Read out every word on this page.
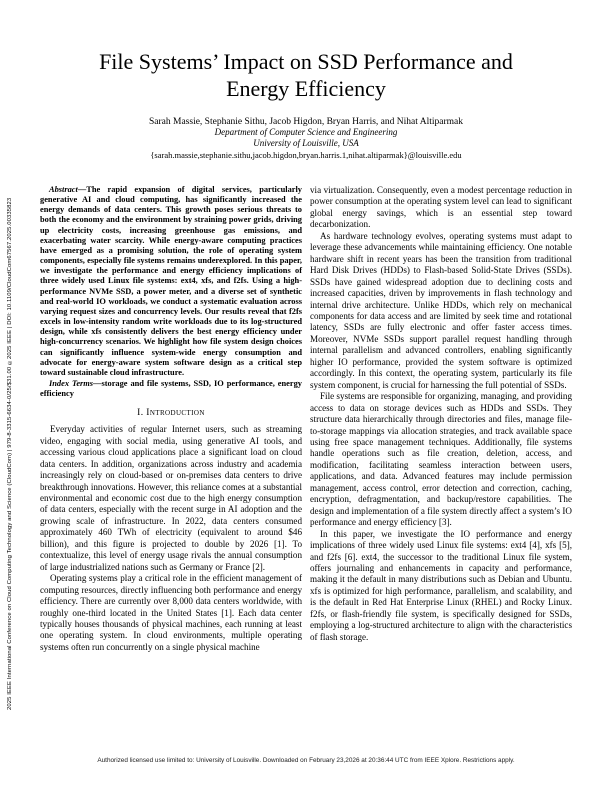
2025 IEEE International Conference on Cloud Computing Technology and Science (CloudCom) | 979-8-3315-6634-0/25/$31.00 ©2025 IEEE | DOI: 10.1109/CloudCom67567.2025.00335823
File Systems’ Impact on SSD Performance and Energy Efficiency
Sarah Massie, Stephanie Sithu, Jacob Higdon, Bryan Harris, and Nihat Altiparmak
Department of Computer Science and Engineering
University of Louisville, USA
{sarah.massie,stephanie.sithu,jacob.higdon,bryan.harris.1,nihat.altiparmak}@louisville.edu

Abstract—The rapid expansion of digital services, particularly generative AI and cloud computing, has significantly increased the energy demands of data centers. This growth poses serious threats to both the economy and the environment by straining power grids, driving up electricity costs, increasing greenhouse gas emissions, and exacerbating water scarcity. While energy-aware computing practices have emerged as a promising solution, the role of operating system components, especially file systems remains underexplored. In this paper, we investigate the performance and energy efficiency implications of three widely used Linux file systems: ext4, xfs, and f2fs. Using a high-performance NVMe SSD, a power meter, and a diverse set of synthetic and real-world IO workloads, we conduct a systematic evaluation across varying request sizes and concurrency levels. Our results reveal that f2fs excels in low-intensity random write workloads due to its log-structured design, while xfs consistently delivers the best energy efficiency under high-concurrency scenarios. We highlight how file system design choices can significantly influence system-wide energy consumption and advocate for energy-aware system software design as a critical step toward sustainable cloud infrastructure.

Index Terms—storage and file systems, SSD, IO performance, energy efficiency

I. Introduction

Everyday activities of regular Internet users, such as streaming video, engaging with social media, using generative AI tools, and accessing various cloud applications place a significant load on cloud data centers. In addition, organizations across industry and academia increasingly rely on cloud-based or on-premises data centers to drive breakthrough innovations. However, this reliance comes at a substantial environmental and economic cost due to the high energy consumption of data centers, especially with the recent surge in AI adoption and the growing scale of infrastructure. In 2022, data centers consumed approximately 460 TWh of electricity (equivalent to around $46 billion), and this figure is projected to double by 2026 [1]. To contextualize, this level of energy usage rivals the annual consumption of large industrialized nations such as Germany or France [2].

Operating systems play a critical role in the efficient management of computing resources, directly influencing both performance and energy efficiency. There are currently over 8,000 data centers worldwide, with roughly one-third located in the United States [1]. Each data center typically houses thousands of physical machines, each running at least one operating system. In cloud environments, multiple operating systems often run concurrently on a single physical machine

via virtualization. Consequently, even a modest percentage reduction in power consumption at the operating system level can lead to significant global energy savings, which is an essential step toward decarbonization.

As hardware technology evolves, operating systems must adapt to leverage these advancements while maintaining efficiency. One notable hardware shift in recent years has been the transition from traditional Hard Disk Drives (HDDs) to Flash-based Solid-State Drives (SSDs). SSDs have gained widespread adoption due to declining costs and increased capacities, driven by improvements in flash technology and internal drive architecture. Unlike HDDs, which rely on mechanical components for data access and are limited by seek time and rotational latency, SSDs are fully electronic and offer faster access times. Moreover, NVMe SSDs support parallel request handling through internal parallelism and advanced controllers, enabling significantly higher IO performance, provided the system software is optimized accordingly. In this context, the operating system, particularly its file system component, is crucial for harnessing the full potential of SSDs.

File systems are responsible for organizing, managing, and providing access to data on storage devices such as HDDs and SSDs. They structure data hierarchically through directories and files, manage file-to-storage mappings via allocation strategies, and track available space using free space management techniques. Additionally, file systems handle operations such as file creation, deletion, access, and modification, facilitating seamless interaction between users, applications, and data. Advanced features may include permission management, access control, error detection and correction, caching, encryption, defragmentation, and backup/restore capabilities. The design and implementation of a file system directly affect a system’s IO performance and energy efficiency [3].

In this paper, we investigate the IO performance and energy implications of three widely used Linux file systems: ext4 [4], xfs [5], and f2fs [6]. ext4, the successor to the traditional Linux file system, offers journaling and enhancements in capacity and performance, making it the default in many distributions such as Debian and Ubuntu. xfs is optimized for high performance, parallelism, and scalability, and is the default in Red Hat Enterprise Linux (RHEL) and Rocky Linux. f2fs, or flash-friendly file system, is specifically designed for SSDs, employing a log-structured architecture to align with the characteristics of flash storage.

Authorized licensed use limited to: University of Louisville. Downloaded on February 23,2026 at 20:36:44 UTC from IEEE Xplore. Restrictions apply.
